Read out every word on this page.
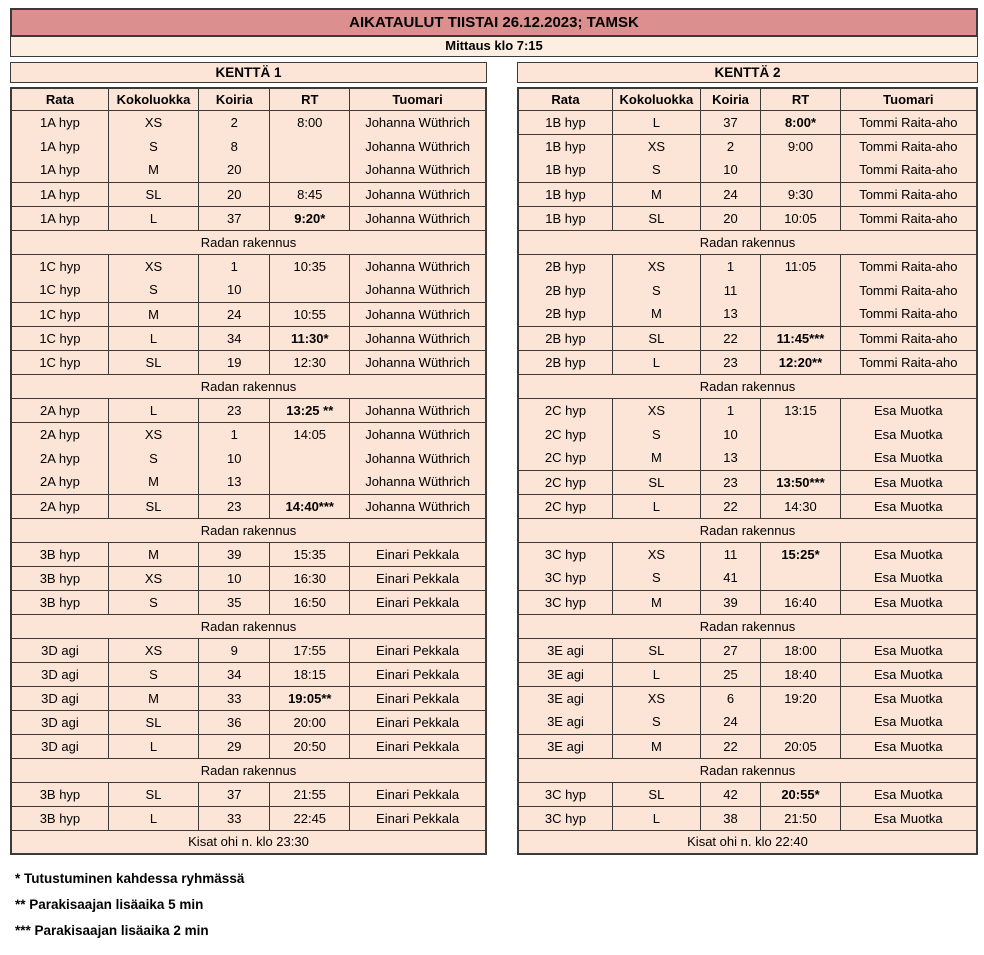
AIKATAULUT TIISTAI 26.12.2023; TAMSK
Mittaus klo 7:15
KENTTÄ 1
Rata	Kokoluokka	Koiria	RT	Tuomari
1A hyp	XS	2	8:00	Johanna Wüthrich
1A hyp	S	8		Johanna Wüthrich
1A hyp	M	20		Johanna Wüthrich
1A hyp	SL	20	8:45	Johanna Wüthrich
1A hyp	L	37	9:20*	Johanna Wüthrich
Radan rakennus				
1C hyp	XS	1	10:35	Johanna Wüthrich
1C hyp	S	10		Johanna Wüthrich
1C hyp	M	24	10:55	Johanna Wüthrich
1C hyp	L	34	11:30*	Johanna Wüthrich
1C hyp	SL	19	12:30	Johanna Wüthrich
Radan rakennus				
2A hyp	L	23	13:25 **	Johanna Wüthrich
2A hyp	XS	1	14:05	Johanna Wüthrich
2A hyp	S	10		Johanna Wüthrich
2A hyp	M	13		Johanna Wüthrich
2A hyp	SL	23	14:40***	Johanna Wüthrich
Radan rakennus				
3B hyp	M	39	15:35	Einari Pekkala
3B hyp	XS	10	16:30	Einari Pekkala
3B hyp	S	35	16:50	Einari Pekkala
Radan rakennus				
3D agi	XS	9	17:55	Einari Pekkala
3D agi	S	34	18:15	Einari Pekkala
3D agi	M	33	19:05**	Einari Pekkala
3D agi	SL	36	20:00	Einari Pekkala
3D agi	L	29	20:50	Einari Pekkala
Radan rakennus				
3B hyp	SL	37	21:55	Einari Pekkala
3B hyp	L	33	22:45	Einari Pekkala
Kisat ohi n. klo 23:30				
KENTTÄ 2
Rata	Kokoluokka	Koiria	RT	Tuomari
1B hyp	L	37	8:00*	Tommi Raita-aho
1B hyp	XS	2	9:00	Tommi Raita-aho
1B hyp	S	10		Tommi Raita-aho
1B hyp	M	24	9:30	Tommi Raita-aho
1B hyp	SL	20	10:05	Tommi Raita-aho
Radan rakennus				
2B hyp	XS	1	11:05	Tommi Raita-aho
2B hyp	S	11		Tommi Raita-aho
2B hyp	M	13		Tommi Raita-aho
2B hyp	SL	22	11:45***	Tommi Raita-aho
2B hyp	L	23	12:20**	Tommi Raita-aho
Radan rakennus				
2C hyp	XS	1	13:15	Esa Muotka
2C hyp	S	10		Esa Muotka
2C hyp	M	13		Esa Muotka
2C hyp	SL	23	13:50***	Esa Muotka
2C hyp	L	22	14:30	Esa Muotka
Radan rakennus				
3C hyp	XS	11	15:25*	Esa Muotka
3C hyp	S	41		Esa Muotka
3C hyp	M	39	16:40	Esa Muotka
Radan rakennus				
3E agi	SL	27	18:00	Esa Muotka
3E agi	L	25	18:40	Esa Muotka
3E agi	XS	6	19:20	Esa Muotka
3E agi	S	24		Esa Muotka
3E agi	M	22	20:05	Esa Muotka
Radan rakennus				
3C hyp	SL	42	20:55*	Esa Muotka
3C hyp	L	38	21:50	Esa Muotka
Kisat ohi n. klo 22:40				

* Tutustuminen kahdessa ryhmässä

** Parakisaajan lisäaika 5 min

*** Parakisaajan lisäaika 2 min
